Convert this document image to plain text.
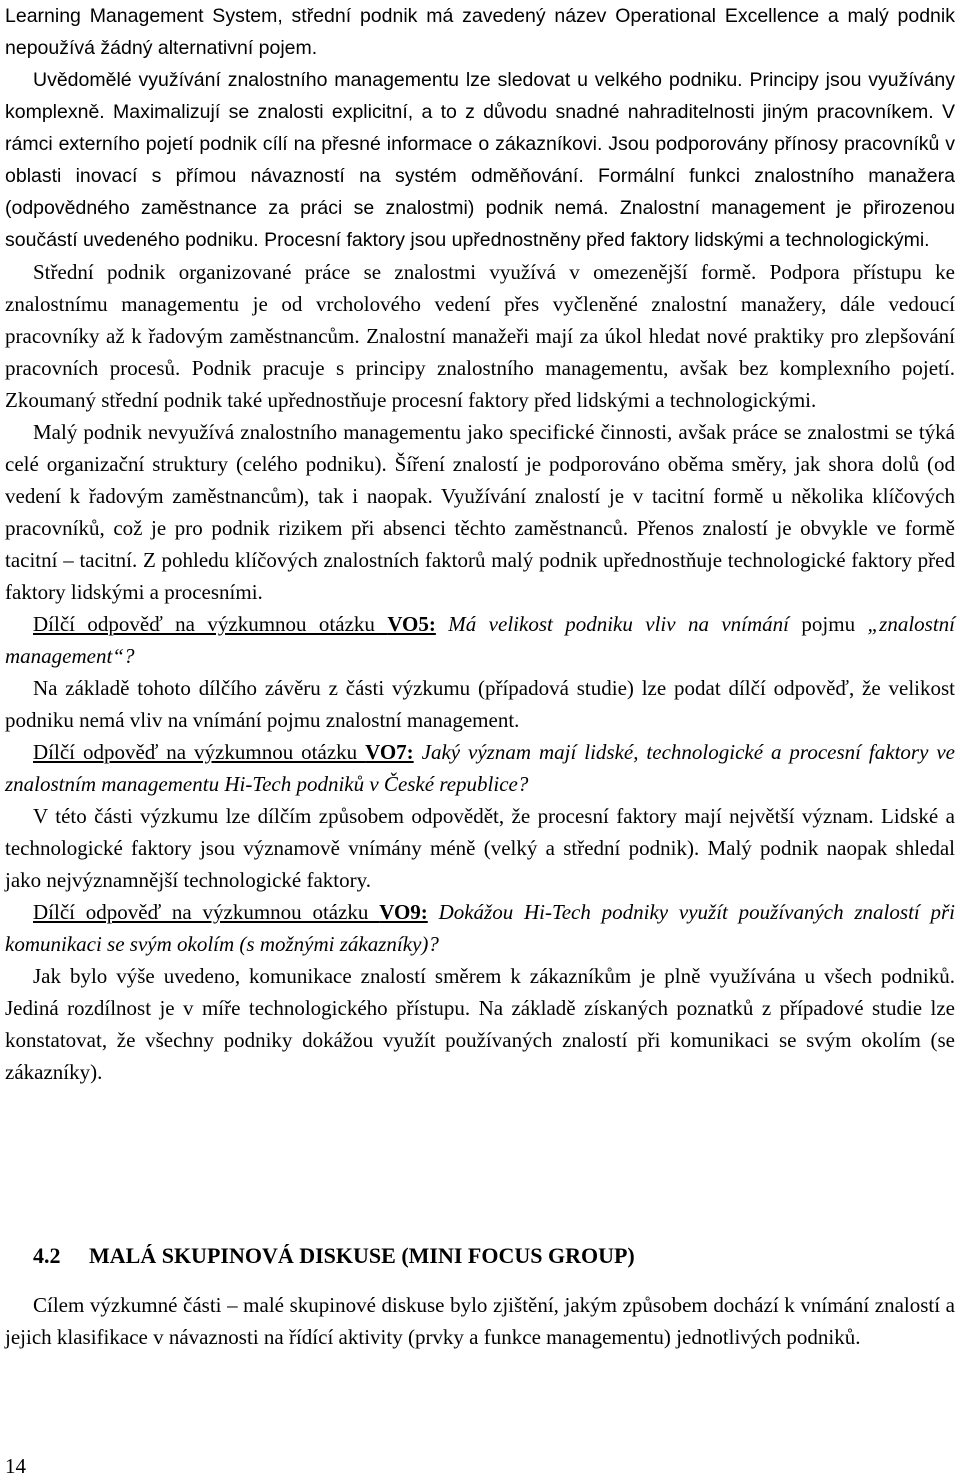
Learning Management System, střední podnik má zavedený název Operational Excellence a malý podnik nepoužívá žádný alternativní pojem.

Uvědomělé využívání znalostního managementu lze sledovat u velkého podniku. Principy jsou využívány komplexně. Maximalizují se znalosti explicitní, a to z důvodu snadné nahraditelnosti jiným pracovníkem. V rámci externího pojetí podnik cílí na přesné informace o zákazníkovi. Jsou podporovány přínosy pracovníků v oblasti inovací s přímou návazností na systém odměňování. Formální funkci znalostního manažera (odpovědného zaměstnance za práci se znalostmi) podnik nemá. Znalostní management je přirozenou součástí uvedeného podniku. Procesní faktory jsou upřednostněny před faktory lidskými a technologickými.

Střední podnik organizované práce se znalostmi využívá v omezenější formě. Podpora přístupu ke znalostnímu managementu je od vrcholového vedení přes vyčleněné znalostní manažery, dále vedoucí pracovníky až k řadovým zaměstnancům. Znalostní manažeři mají za úkol hledat nové praktiky pro zlepšování pracovních procesů. Podnik pracuje s principy znalostního managementu, avšak bez komplexního pojetí. Zkoumaný střední podnik také upřednostňuje procesní faktory před lidskými a technologickými.

Malý podnik nevyužívá znalostního managementu jako specifické činnosti, avšak práce se znalostmi se týká celé organizační struktury (celého podniku). Šíření znalostí je podporováno oběma směry, jak shora dolů (od vedení k řadovým zaměstnancům), tak i naopak. Využívání znalostí je v tacitní formě u několika klíčových pracovníků, což je pro podnik rizikem při absenci těchto zaměstnanců. Přenos znalostí je obvykle ve formě tacitní – tacitní. Z pohledu klíčových znalostních faktorů malý podnik upřednostňuje technologické faktory před faktory lidskými a procesními.

Dílčí odpověď na výzkumnou otázku VO5: Má velikost podniku vliv na vnímání pojmu „znalostní management“?

Na základě tohoto dílčího závěru z části výzkumu (případová studie) lze podat dílčí odpověď, že velikost podniku nemá vliv na vnímání pojmu znalostní management.

Dílčí odpověď na výzkumnou otázku VO7: Jaký význam mají lidské, technologické a procesní faktory ve znalostním managementu Hi-Tech podniků v České republice?

V této části výzkumu lze dílčím způsobem odpovědět, že procesní faktory mají největší význam. Lidské a technologické faktory jsou významově vnímány méně (velký a střední podnik). Malý podnik naopak shledal jako nejvýznamnější technologické faktory.

Dílčí odpověď na výzkumnou otázku VO9: Dokážou Hi-Tech podniky využít používaných znalostí při komunikaci se svým okolím (s možnými zákazníky)?

Jak bylo výše uvedeno, komunikace znalostí směrem k zákazníkům je plně využívána u všech podniků. Jediná rozdílnost je v míře technologického přístupu. Na základě získaných poznatků z případové studie lze konstatovat, že všechny podniky dokážou využít používaných znalostí při komunikaci se svým okolím (se zákazníky).

4.2 MALÁ SKUPINOVÁ DISKUSE (MINI FOCUS GROUP)

Cílem výzkumné části – malé skupinové diskuse bylo zjištění, jakým způsobem dochází k vnímání znalostí a jejich klasifikace v návaznosti na řídící aktivity (prvky a funkce managementu) jednotlivých podniků.

14
